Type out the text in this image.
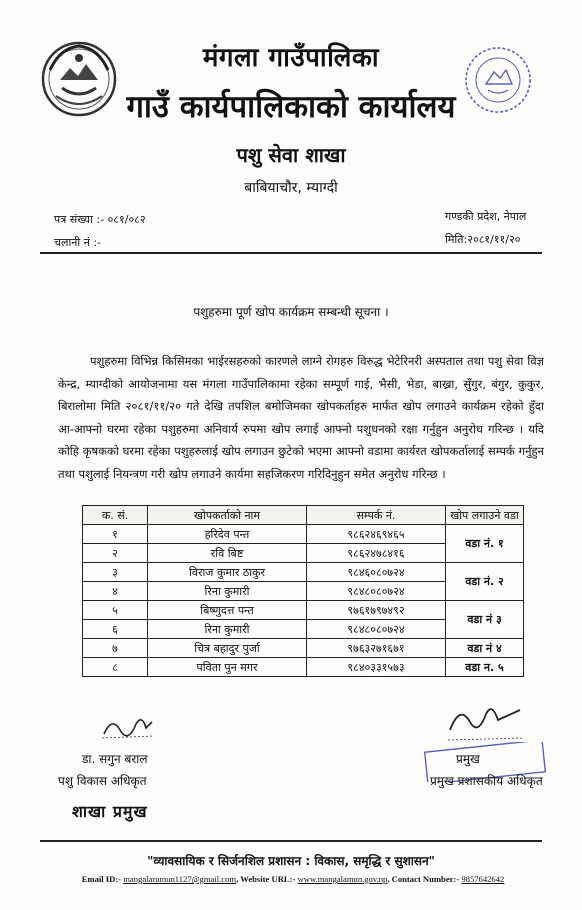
मंगला गाउँपालिका
गाउँ कार्यपालिकाको कार्यालय
पशु सेवा शाखा
बाबियाचौर, म्याग्दी
पत्र संख्या :- ०८१/०८२
चलानी नं :-
गण्डकी प्रदेश, नेपाल
मिति:२०८१/११/२०
पशुहरुमा पूर्ण खोप कार्यक्रम सम्बन्धी सूचना ।

पशुहरुमा विभिन्न किसिमका भाईरसहरुको कारणले लाग्ने रोगहरु विरुद्ध भेटेरिनरी अस्पताल तथा पशु सेवा विज्ञ केन्द्र, म्याग्दीको आयोजनामा यस मंगला गाउँपालिकामा रहेका सम्पूर्ण गाई, भैसी, भेडा, बाख्रा, सुँगुर, बंगुर, कुकुर, बिरालोमा मिति २०८१/११/२० गते देखि तपशिल बमोजिमका खोपकर्ताहरु मार्फत खोप लगाउने कार्यक्रम रहेको हुँदा आ-आफ्नो घरमा रहेका पशुहरुमा अनिवार्य रुपमा खोप लगाई आफ्नो पशुधनको रक्षा गर्नुहुन अनुरोध गरिन्छ । यदि कोहि कृषकको घरमा रहेका पशुहरुलाई खोप लगाउन छुटेको भएमा आफ्नो वडामा कार्यरत खोपकर्तालाई सम्पर्क गर्नुहुन तथा पशुलाई नियन्त्रण गरी खोप लगाउने कार्यमा सहजिकरण गरिदिनुहुन समेत अनुरोध गरिन्छ ।

क. सं.	खोपकर्ताको नाम	सम्पर्क नं.	खोप लगाउने वडा
१	हरिदेव पन्त	९८६२४६९४६५	वडा नं. १
२	रवि बिष्ट	९८६२४७८४१६	
३	विराज कुमार ठाकुर	९८४६०८०७२४	वडा नं. २
४	रिना कुमारी	९८४८०८०७२४	
५	बिष्णुदत्त पन्त	९७६१७९७४९२	वडा नं ३
६	रिना कुमारी	९८४८०८०७२४	
७	चित्र बहादुर पुर्जा	९७६३२७१६७१	वडा नं ४
८	पविता पुन मगर	९८४०३३१५७३	वडा न. ५
डा. सगुन बराल
पशु विकास अधिकृत
शाखा प्रमुख
प्रमुख
प्रमुख प्रशासकीय अधिकृत
"व्यावसायिक र सिर्जनशिल प्रशासन : विकास, समृद्धि र सुशासन"
Email ID:- mangalarumun1127@gmail.com, Website URL:- www.mangalamun.gov.np, Contact Number:- 9857642642
